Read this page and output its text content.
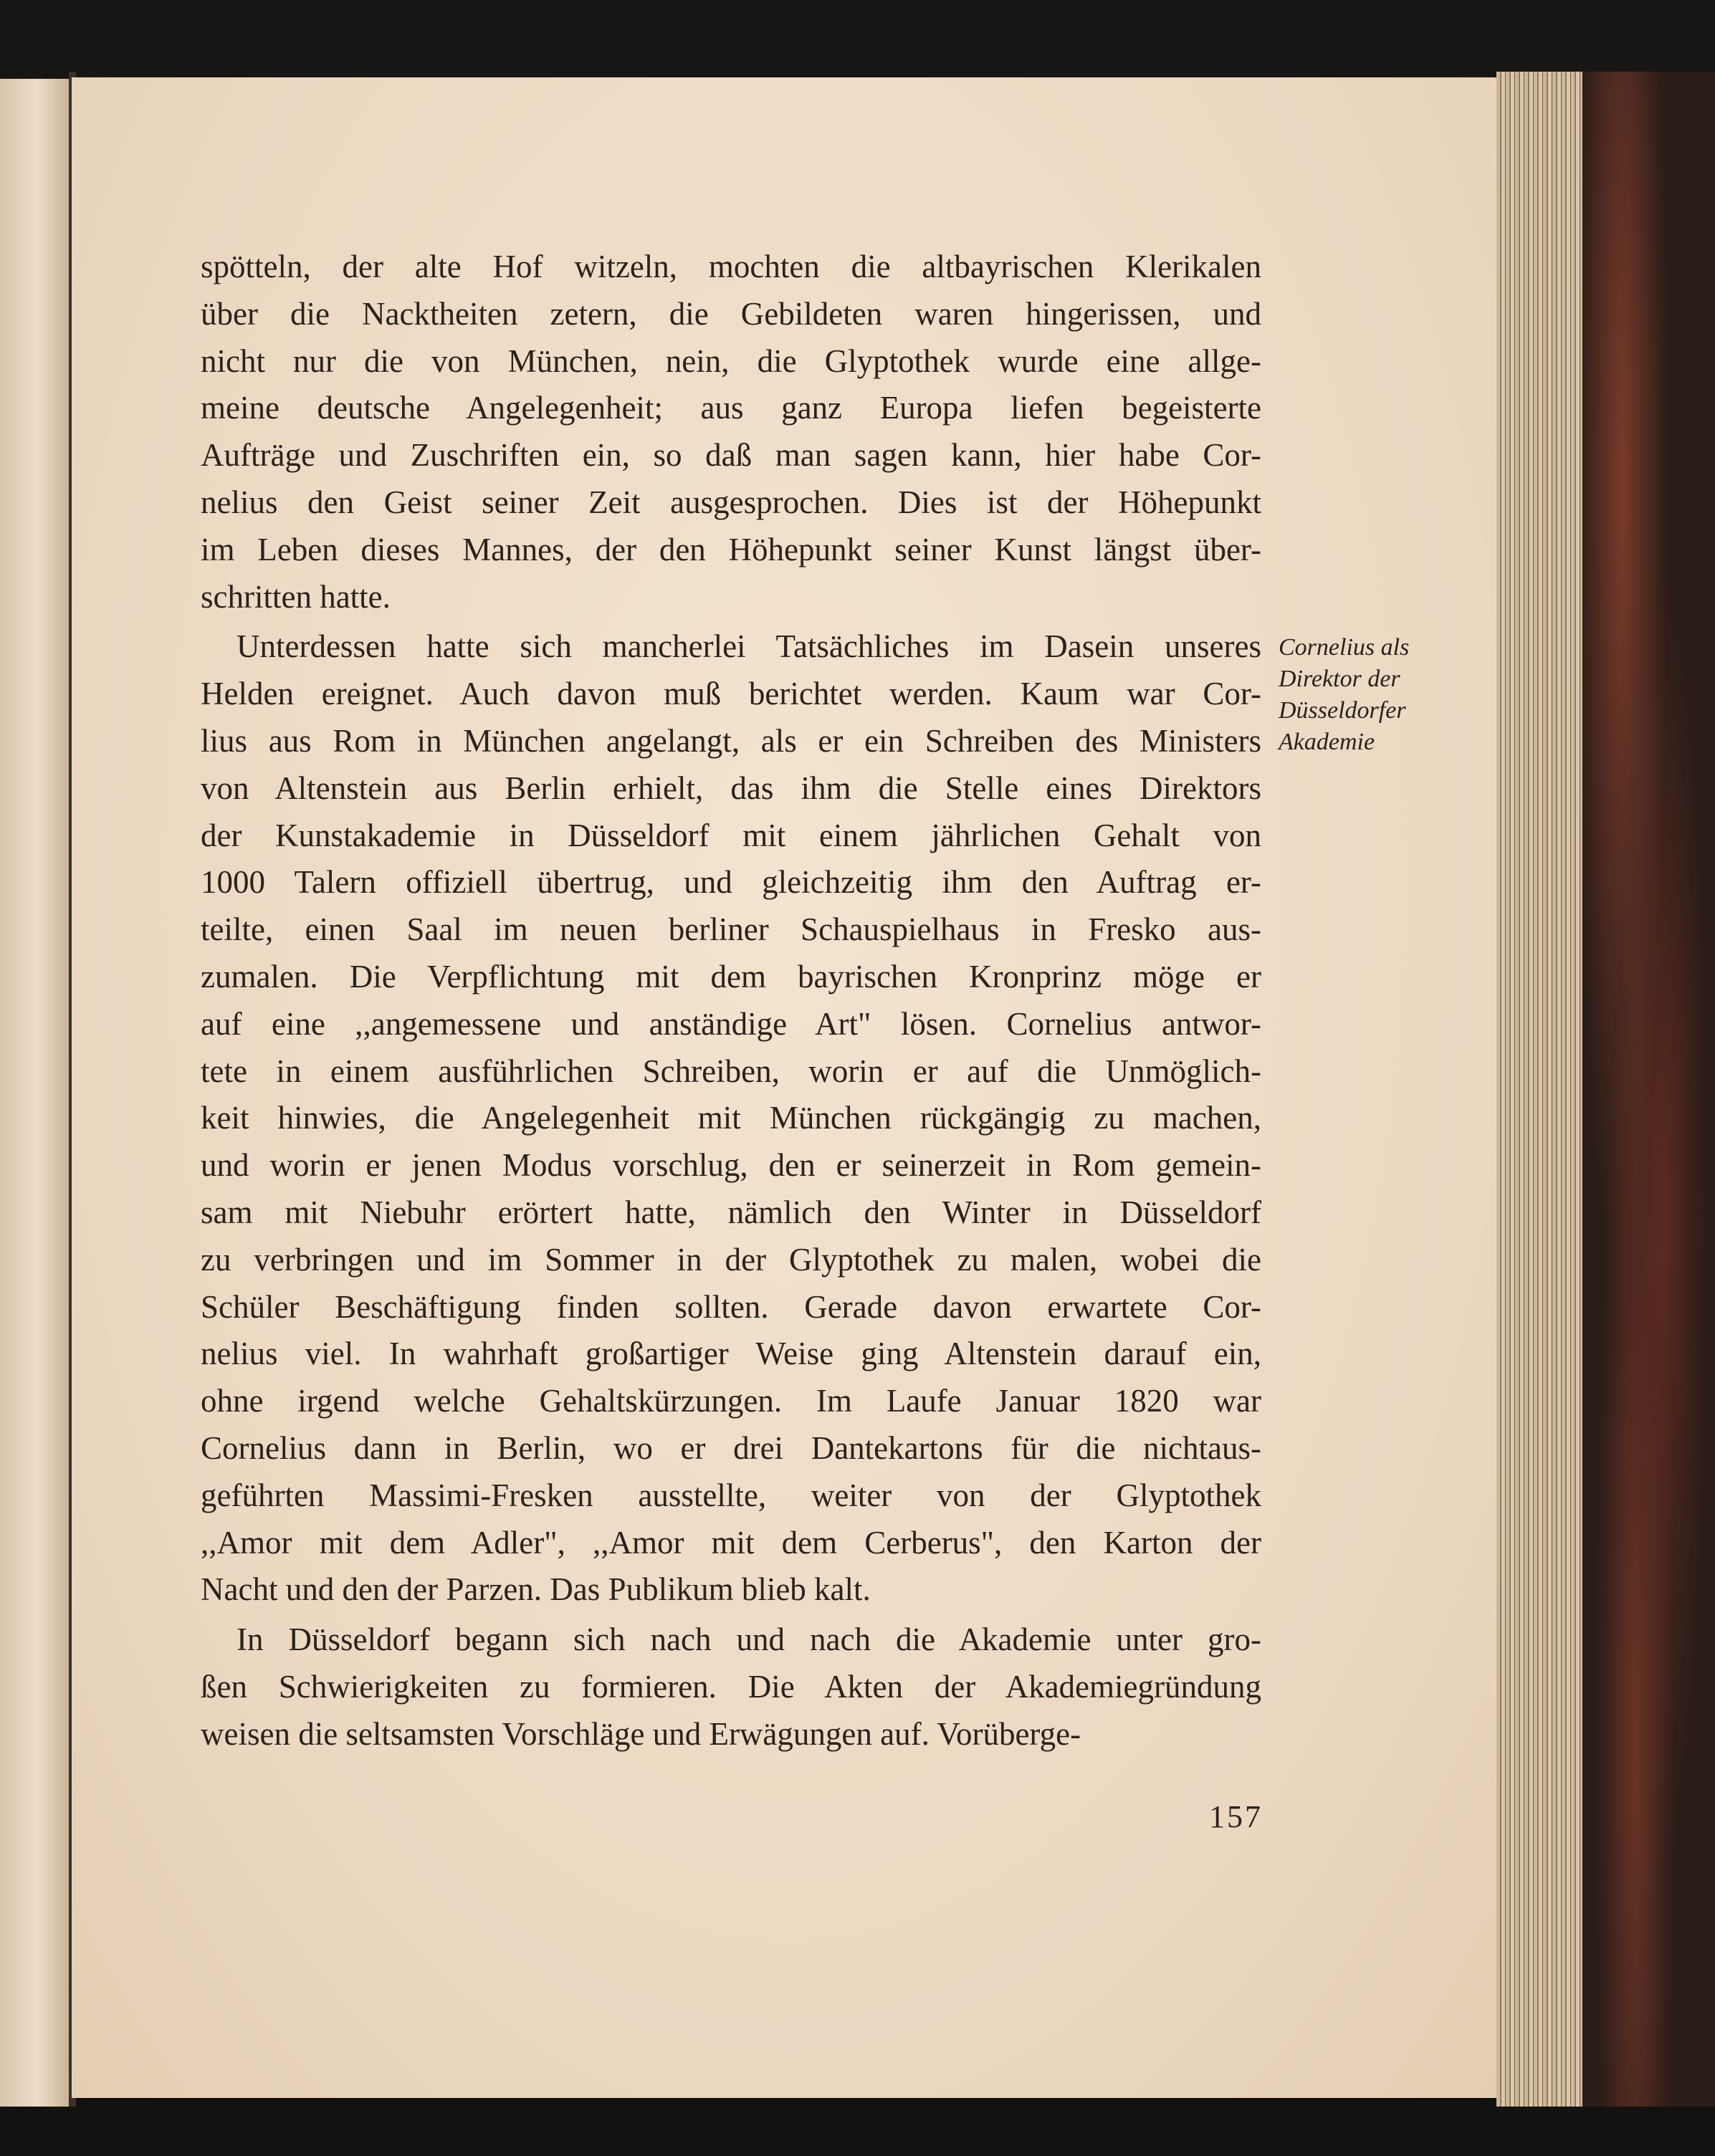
spötteln, der alte Hof witzeln, mochten die altbayrischen Klerikalen
über die Nacktheiten zetern, die Gebildeten waren hingerissen, und
nicht nur die von München, nein, die Glyptothek wurde eine allge-
meine deutsche Angelegenheit; aus ganz Europa liefen begeisterte
Aufträge und Zuschriften ein, so daß man sagen kann, hier habe Cor-
nelius den Geist seiner Zeit ausgesprochen. Dies ist der Höhepunkt
im Leben dieses Mannes, der den Höhepunkt seiner Kunst längst über-
schritten hatte.
Unterdessen hatte sich mancherlei Tatsächliches im Dasein unseres
Helden ereignet. Auch davon muß berichtet werden. Kaum war Cor-
lius aus Rom in München angelangt, als er ein Schreiben des Ministers
von Altenstein aus Berlin erhielt, das ihm die Stelle eines Direktors
der Kunstakademie in Düsseldorf mit einem jährlichen Gehalt von
1000 Talern offiziell übertrug, und gleichzeitig ihm den Auftrag er-
teilte, einen Saal im neuen berliner Schauspielhaus in Fresko aus-
zumalen. Die Verpflichtung mit dem bayrischen Kronprinz möge er
auf eine ,,angemessene und anständige Art" lösen. Cornelius antwor-
tete in einem ausführlichen Schreiben, worin er auf die Unmöglich-
keit hinwies, die Angelegenheit mit München rückgängig zu machen,
und worin er jenen Modus vorschlug, den er seinerzeit in Rom gemein-
sam mit Niebuhr erörtert hatte, nämlich den Winter in Düsseldorf
zu verbringen und im Sommer in der Glyptothek zu malen, wobei die
Schüler Beschäftigung finden sollten. Gerade davon erwartete Cor-
nelius viel. In wahrhaft großartiger Weise ging Altenstein darauf ein,
ohne irgend welche Gehaltskürzungen. Im Laufe Januar 1820 war
Cornelius dann in Berlin, wo er drei Dantekartons für die nichtaus-
geführten Massimi-Fresken ausstellte, weiter von der Glyptothek
,,Amor mit dem Adler", ,,Amor mit dem Cerberus", den Karton der
Nacht und den der Parzen. Das Publikum blieb kalt.
In Düsseldorf begann sich nach und nach die Akademie unter gro-
ßen Schwierigkeiten zu formieren. Die Akten der Akademiegründung
weisen die seltsamsten Vorschläge und Erwägungen auf. Vorüberge-
Cornelius als
Direktor der
Düsseldorfer
Akademie
157
